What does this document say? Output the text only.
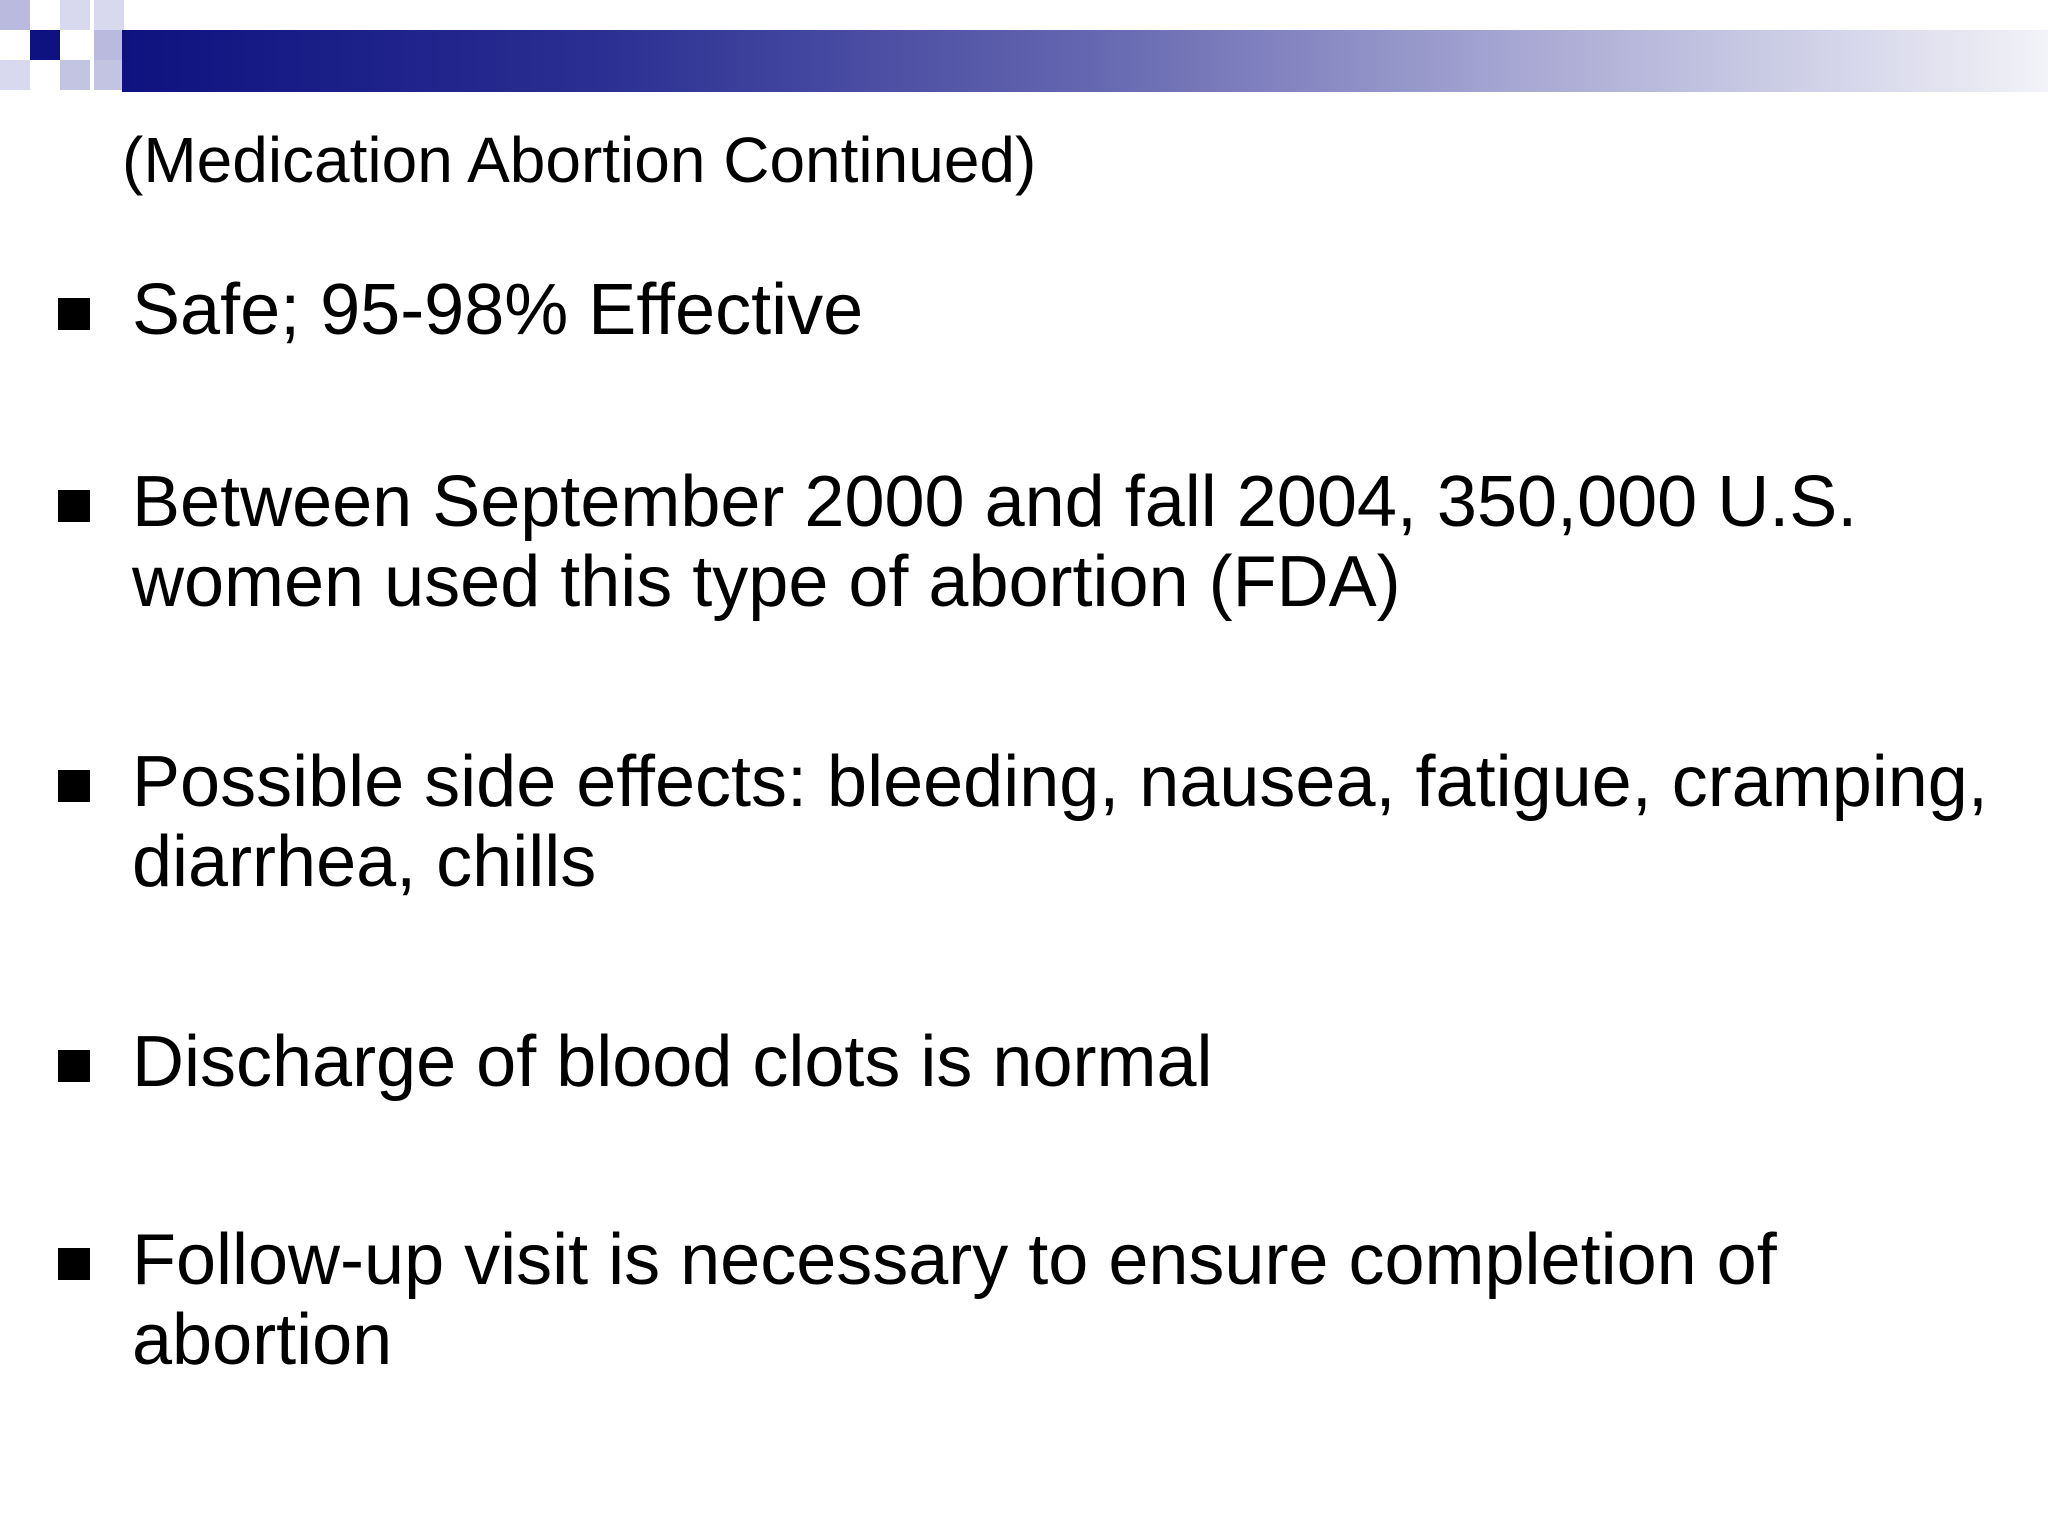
(Medication Abortion Continued)
Safe; 95-98% Effective
Between September 2000 and fall 2004, 350,000 U.S. women used this type of abortion (FDA)
Possible side effects: bleeding, nausea, fatigue, cramping, diarrhea, chills
Discharge of blood clots is normal
Follow-up visit is necessary to ensure completion of abortion
